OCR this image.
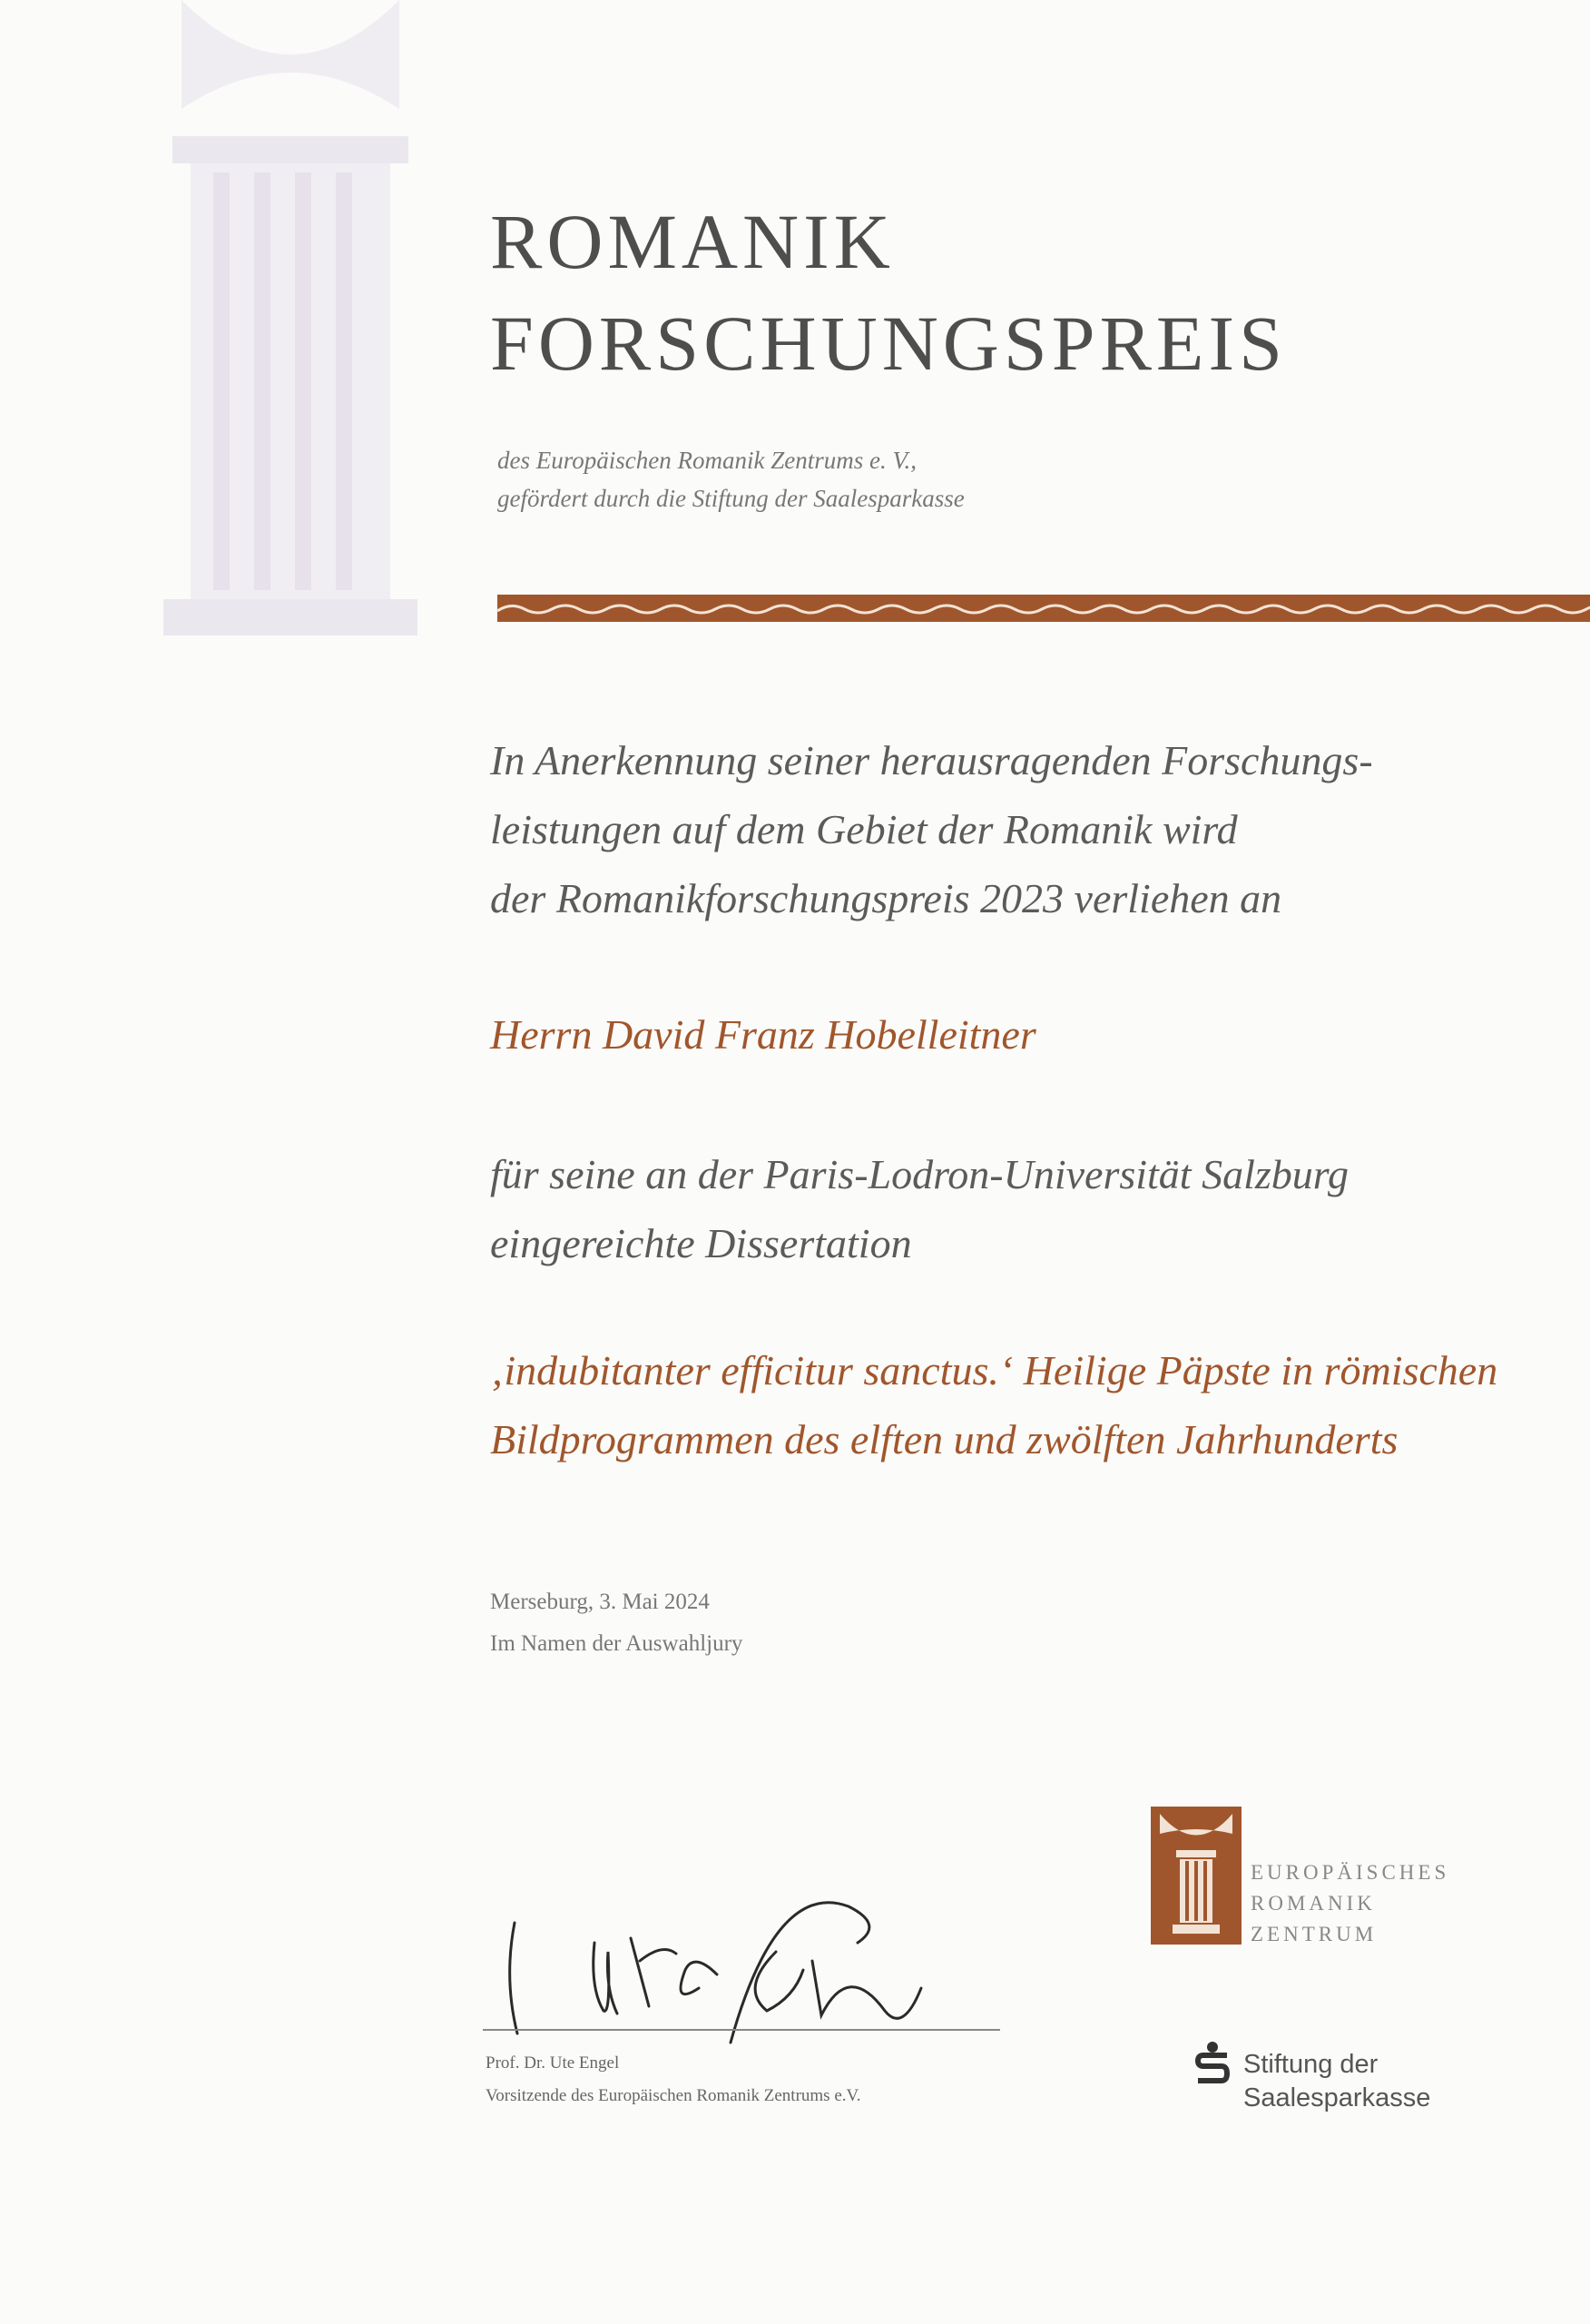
ROMANIK
FORSCHUNGSPREIS
des Europäischen Romanik Zentrums e. V.,
gefördert durch die Stiftung der Saalesparkasse
In Anerkennung seiner herausragenden Forschungs-
leistungen auf dem Gebiet der Romanik wird
der Romanikforschungspreis 2023 verliehen an
Herrn David Franz Hobelleitner
für seine an der Paris-Lodron-Universität Salzburg
eingereichte Dissertation
‚indubitanter efficitur sanctus.‘ Heilige Päpste in römischen
Bildprogrammen des elften und zwölften Jahrhunderts
Merseburg, 3. Mai 2024
Im Namen der Auswahljury
Prof. Dr. Ute Engel
Vorsitzende des Europäischen Romanik Zentrums e.V.
EUROPÄISCHES
ROMANIK
ZENTRUM
Stiftung der
Saalesparkasse
